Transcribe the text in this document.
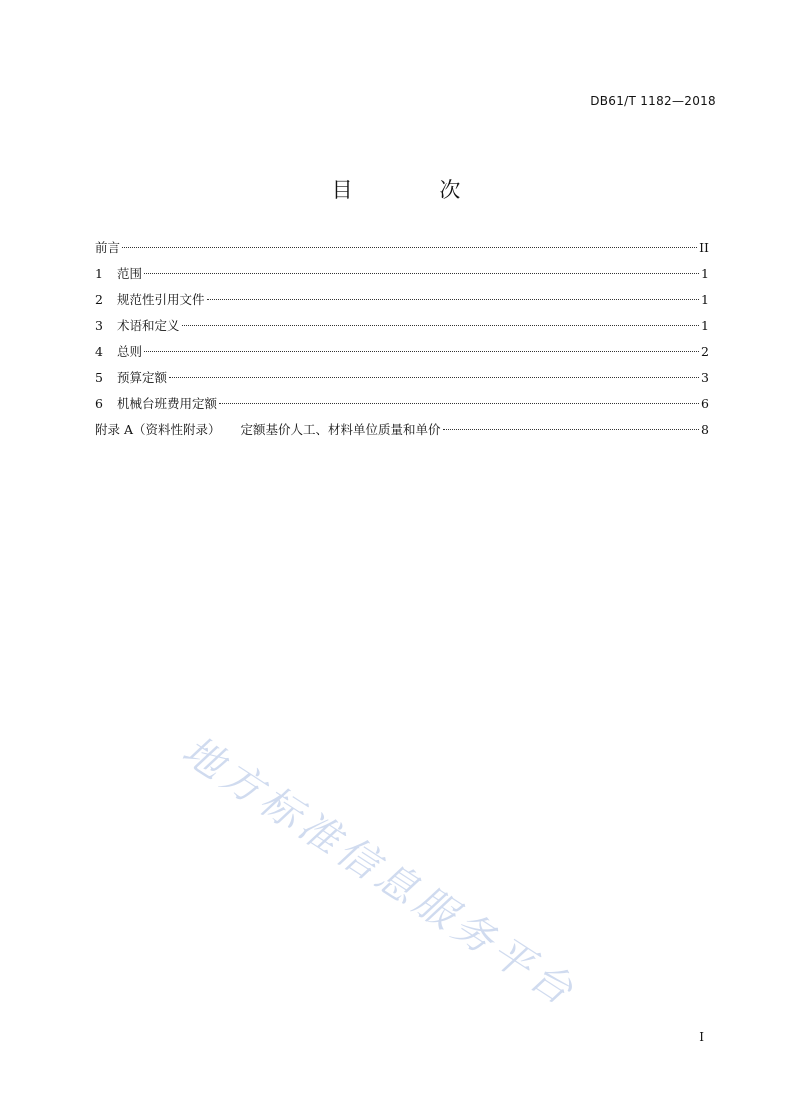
DB61/T 1182—2018
目 次
前言	II
1	范围	1
2	规范性引用文件	1
3	术语和定义	1
4	总则	2
5	预算定额	3
6	机械台班费用定额	6
附录 A（资料性附录） 定额基价人工、材料单位质量和单价	8
地方标准信息服务平台
I
